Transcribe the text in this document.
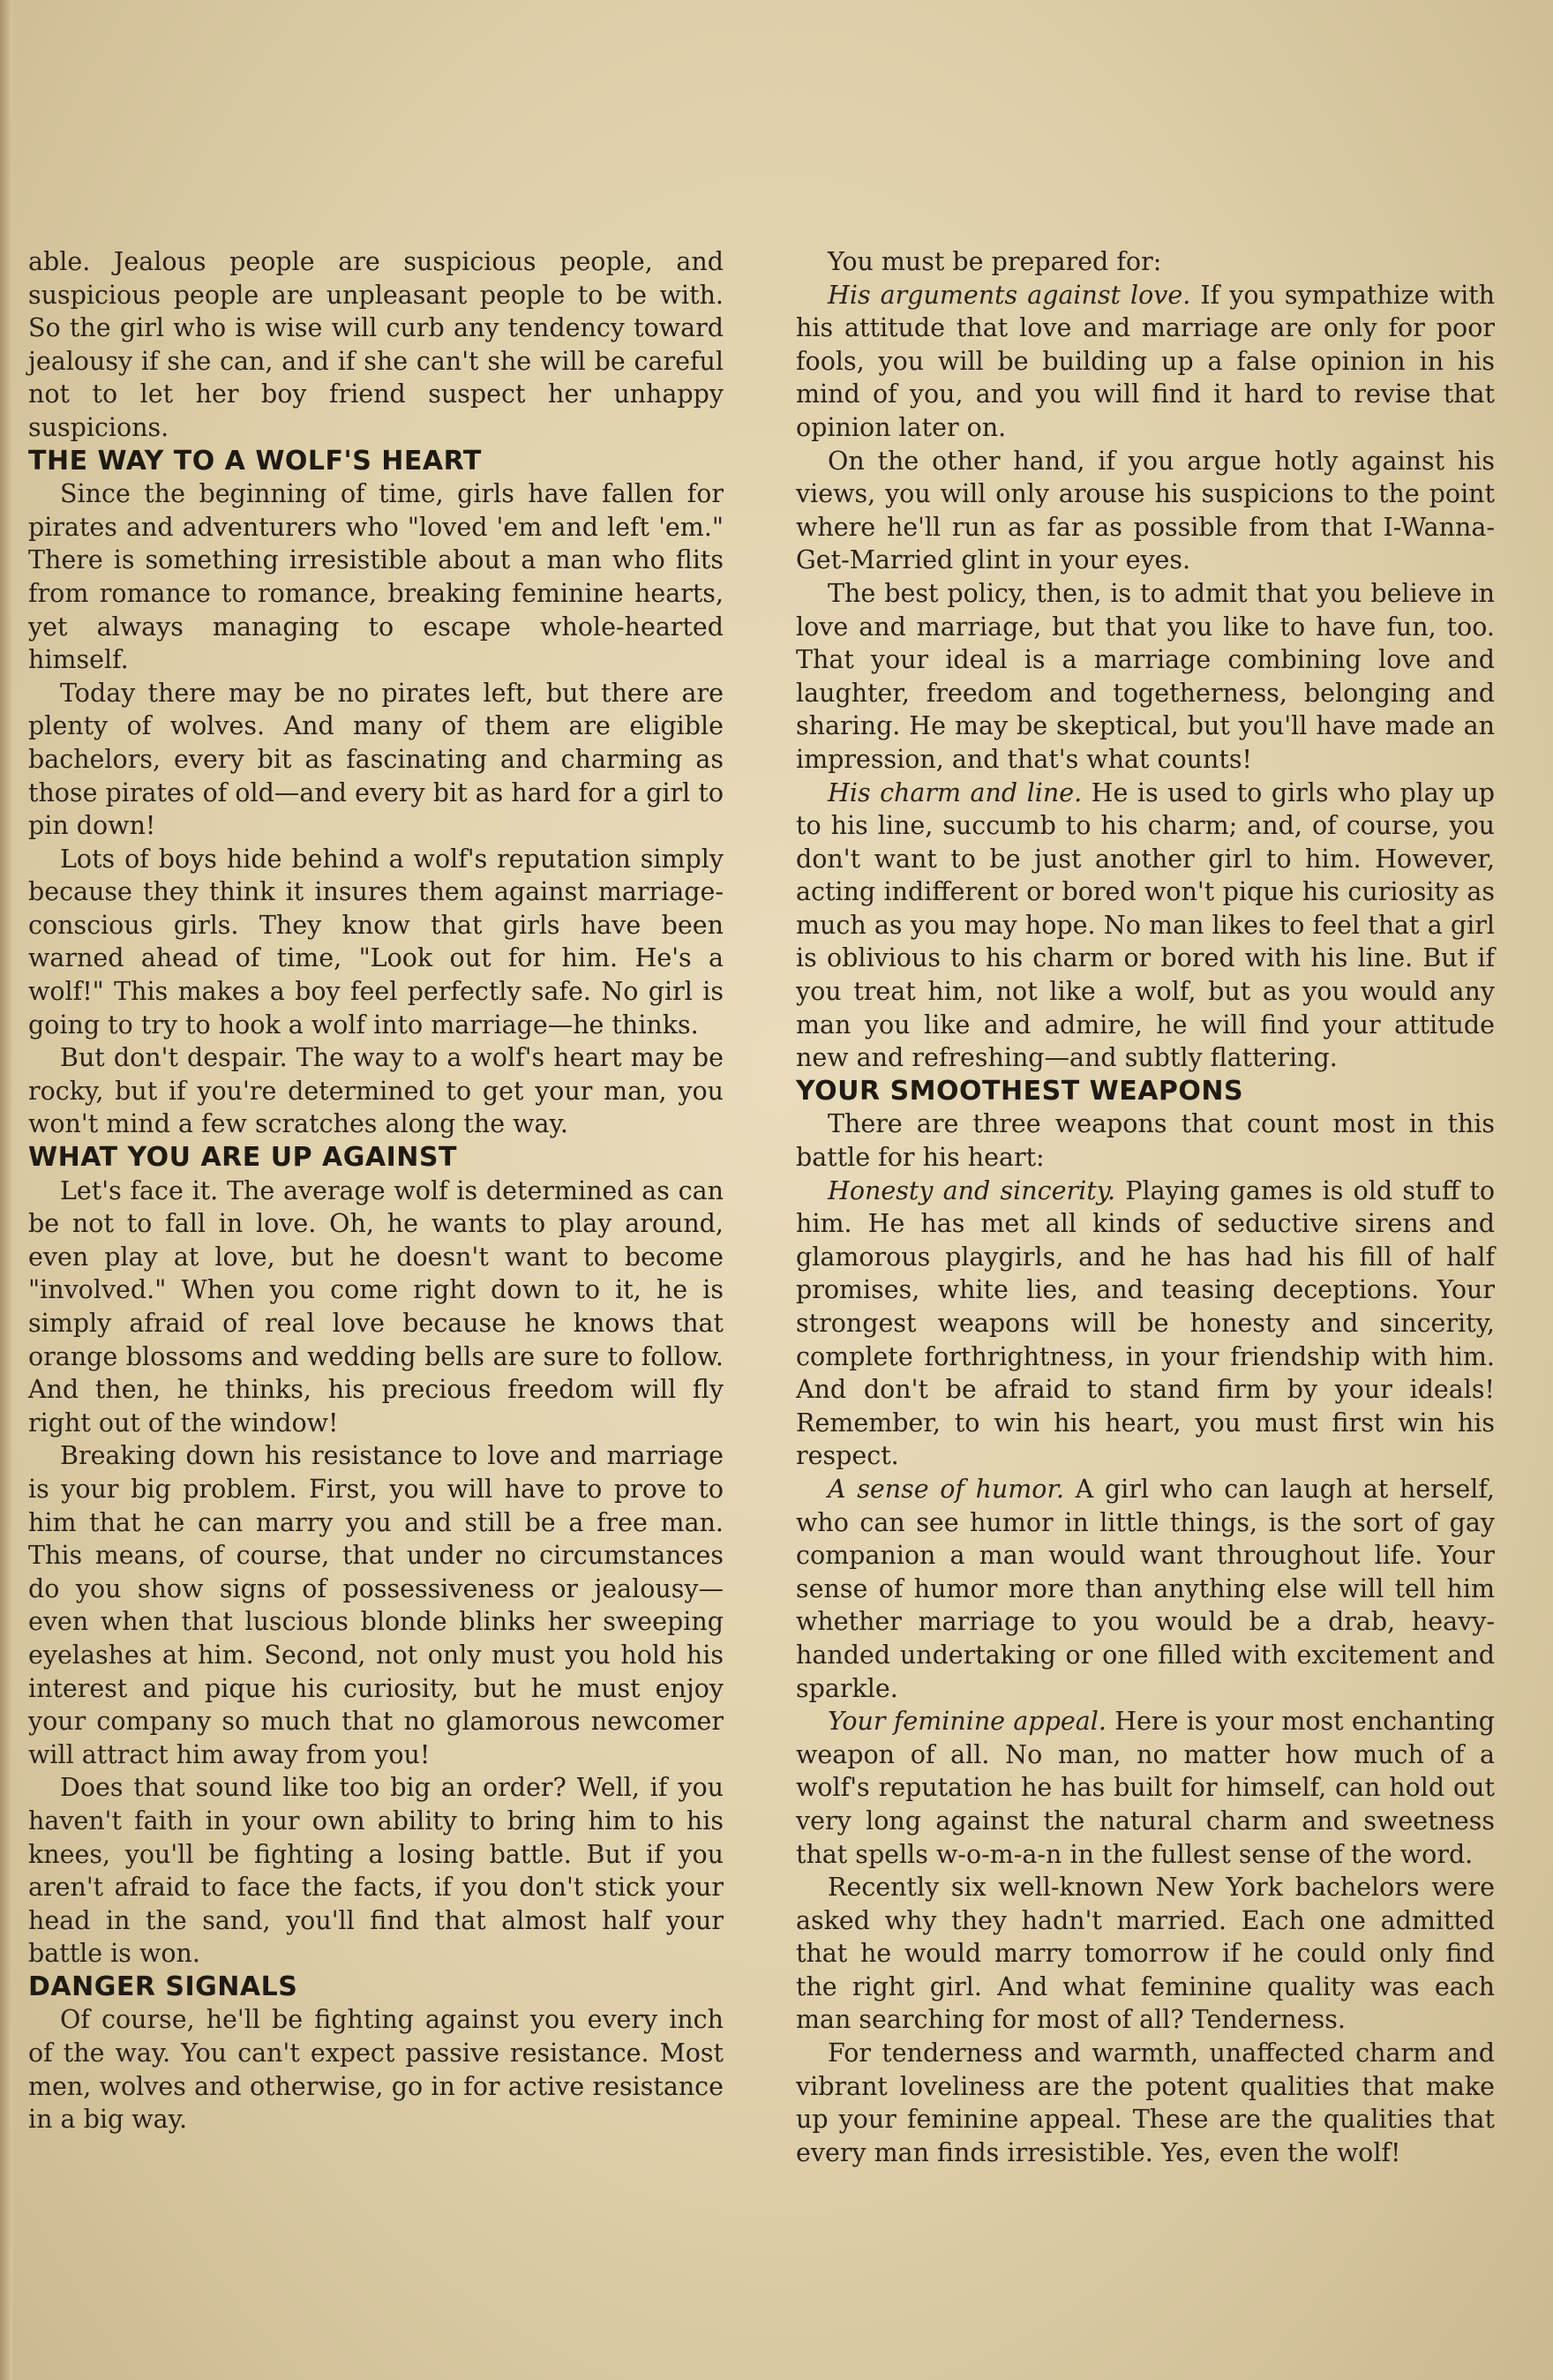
able. Jealous people are suspicious people, and suspicious people are unpleasant people to be with. So the girl who is wise will curb any tendency toward jealousy if she can, and if she can't she will be careful not to let her boy friend suspect her unhappy suspicions.

THE WAY TO A WOLF'S HEART

Since the beginning of time, girls have fallen for pirates and adventurers who "loved 'em and left 'em." There is something irresistible about a man who flits from romance to romance, breaking feminine hearts, yet always managing to escape whole-hearted himself.

Today there may be no pirates left, but there are plenty of wolves. And many of them are eligible bachelors, every bit as fascinating and charming as those pirates of old—and every bit as hard for a girl to pin down!

Lots of boys hide behind a wolf's reputation simply because they think it insures them against marriage-conscious girls. They know that girls have been warned ahead of time, "Look out for him. He's a wolf!" This makes a boy feel perfectly safe. No girl is going to try to hook a wolf into marriage—he thinks.

But don't despair. The way to a wolf's heart may be rocky, but if you're determined to get your man, you won't mind a few scratches along the way.

WHAT YOU ARE UP AGAINST

Let's face it. The average wolf is determined as can be not to fall in love. Oh, he wants to play around, even play at love, but he doesn't want to become "involved." When you come right down to it, he is simply afraid of real love because he knows that orange blossoms and wedding bells are sure to follow. And then, he thinks, his precious freedom will fly right out of the window!

Breaking down his resistance to love and marriage is your big problem. First, you will have to prove to him that he can marry you and still be a free man. This means, of course, that under no circumstances do you show signs of possessiveness or jealousy—even when that luscious blonde blinks her sweeping eyelashes at him. Second, not only must you hold his interest and pique his curiosity, but he must enjoy your company so much that no glamorous newcomer will attract him away from you!

Does that sound like too big an order? Well, if you haven't faith in your own ability to bring him to his knees, you'll be fighting a losing battle. But if you aren't afraid to face the facts, if you don't stick your head in the sand, you'll find that almost half your battle is won.

DANGER SIGNALS

Of course, he'll be fighting against you every inch of the way. You can't expect passive resistance. Most men, wolves and otherwise, go in for active resistance in a big way.

You must be prepared for:

His arguments against love. If you sympathize with his attitude that love and marriage are only for poor fools, you will be building up a false opinion in his mind of you, and you will find it hard to revise that opinion later on.

On the other hand, if you argue hotly against his views, you will only arouse his suspicions to the point where he'll run as far as possible from that I-Wanna-Get-Married glint in your eyes.

The best policy, then, is to admit that you believe in love and marriage, but that you like to have fun, too. That your ideal is a marriage combining love and laughter, freedom and togetherness, belonging and sharing. He may be skeptical, but you'll have made an impression, and that's what counts!

His charm and line. He is used to girls who play up to his line, succumb to his charm; and, of course, you don't want to be just another girl to him. However, acting indifferent or bored won't pique his curiosity as much as you may hope. No man likes to feel that a girl is oblivious to his charm or bored with his line. But if you treat him, not like a wolf, but as you would any man you like and admire, he will find your attitude new and refreshing—and subtly flattering.

YOUR SMOOTHEST WEAPONS

There are three weapons that count most in this battle for his heart:

Honesty and sincerity. Playing games is old stuff to him. He has met all kinds of seductive sirens and glamorous playgirls, and he has had his fill of half promises, white lies, and teasing deceptions. Your strongest weapons will be honesty and sincerity, complete forthrightness, in your friendship with him. And don't be afraid to stand firm by your ideals! Remember, to win his heart, you must first win his respect.

A sense of humor. A girl who can laugh at herself, who can see humor in little things, is the sort of gay companion a man would want throughout life. Your sense of humor more than anything else will tell him whether marriage to you would be a drab, heavy-handed undertaking or one filled with excitement and sparkle.

Your feminine appeal. Here is your most enchanting weapon of all. No man, no matter how much of a wolf's reputation he has built for himself, can hold out very long against the natural charm and sweetness that spells w-o-m-a-n in the fullest sense of the word.

Recently six well-known New York bachelors were asked why they hadn't married. Each one admitted that he would marry tomorrow if he could only find the right girl. And what feminine quality was each man searching for most of all? Tenderness.

For tenderness and warmth, unaffected charm and vibrant loveliness are the potent qualities that make up your feminine appeal. These are the qualities that every man finds irresistible. Yes, even the wolf!
